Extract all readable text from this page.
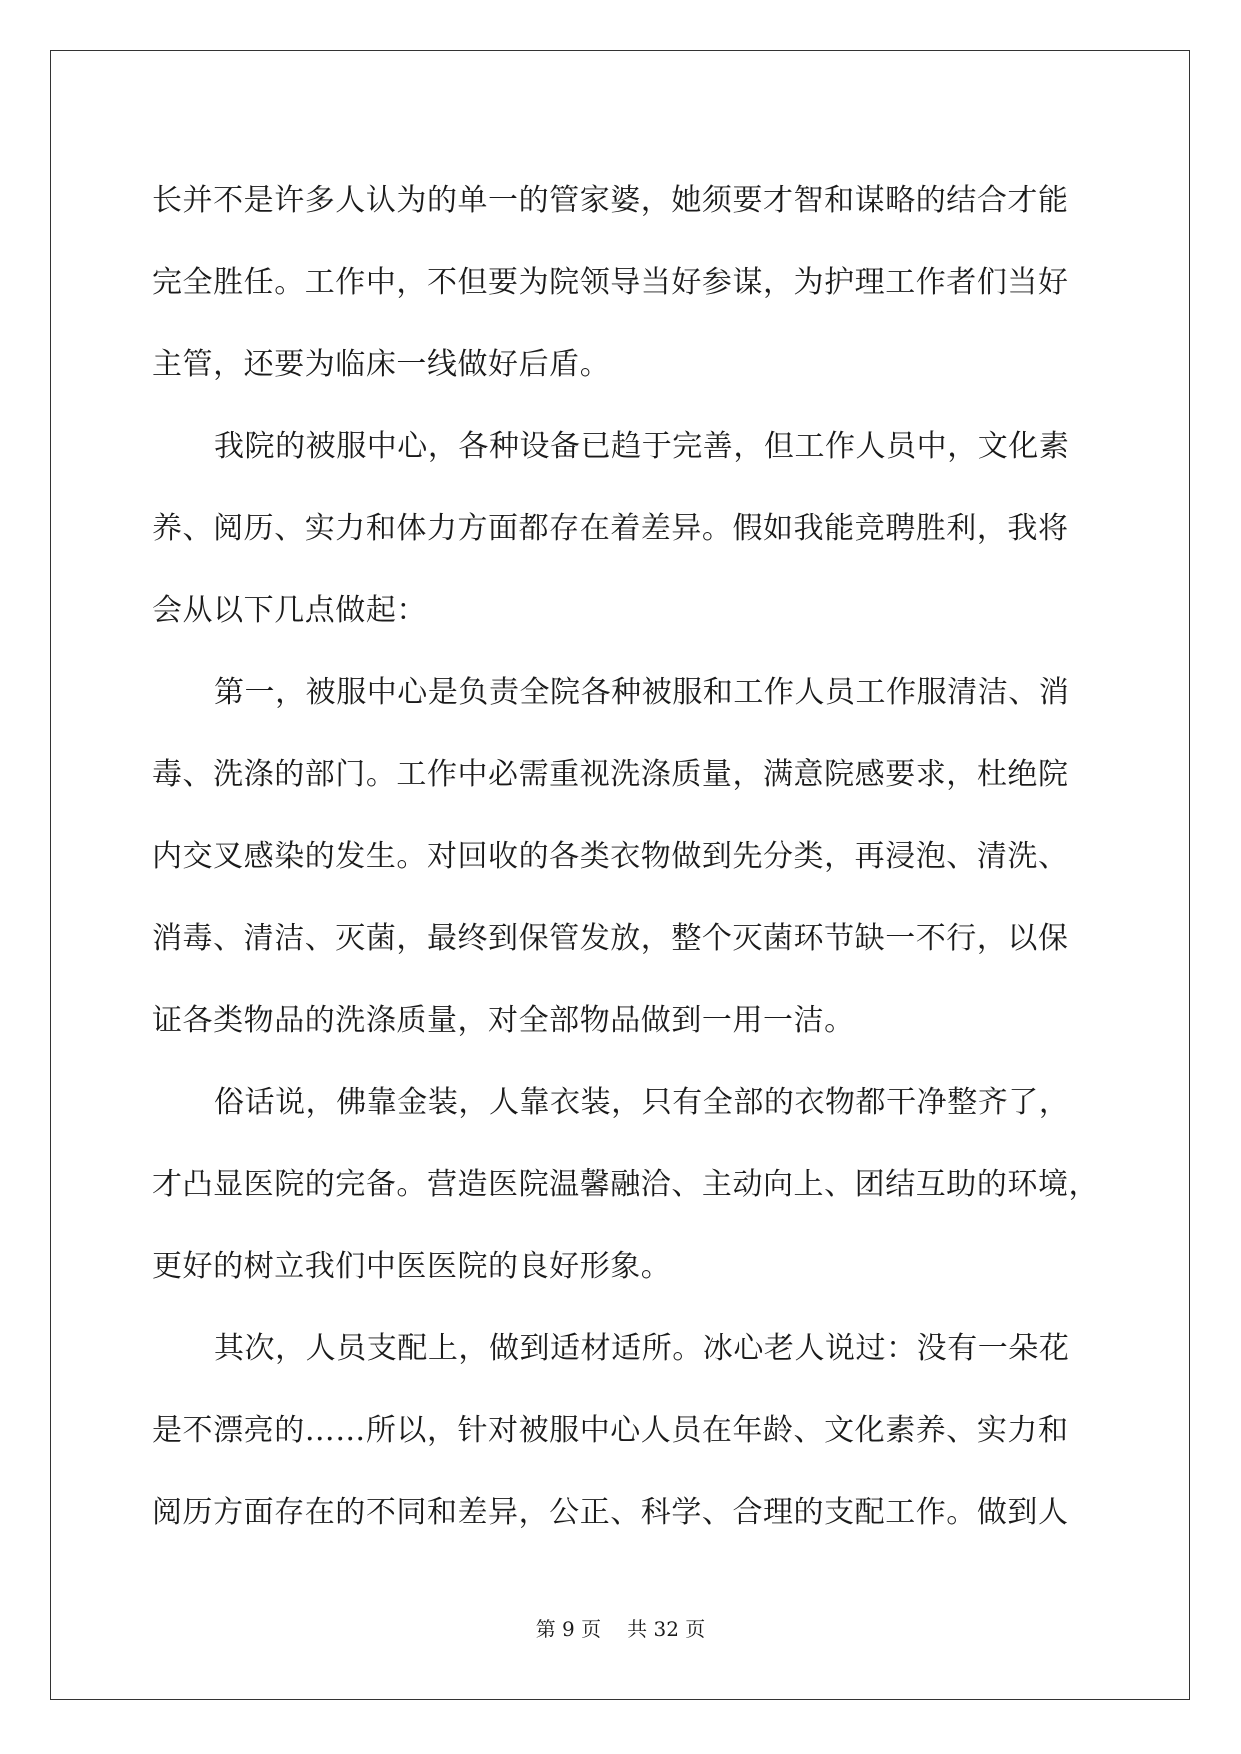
长并不是许多人认为的单一的管家婆，她须要才智和谋略的结合才能
完全胜任。工作中，不但要为院领导当好参谋，为护理工作者们当好
主管，还要为临床一线做好后盾。
我院的被服中心，各种设备已趋于完善，但工作人员中，文化素
养、阅历、实力和体力方面都存在着差异。假如我能竞聘胜利，我将
会从以下几点做起：
第一，被服中心是负责全院各种被服和工作人员工作服清洁、消
毒、洗涤的部门。工作中必需重视洗涤质量，满意院感要求，杜绝院
内交叉感染的发生。对回收的各类衣物做到先分类，再浸泡、清洗、
消毒、清洁、灭菌，最终到保管发放，整个灭菌环节缺一不行，以保
证各类物品的洗涤质量，对全部物品做到一用一洁。
俗话说，佛靠金装，人靠衣装，只有全部的衣物都干净整齐了，
才凸显医院的完备。营造医院温馨融洽、主动向上、团结互助的环境，
更好的树立我们中医医院的良好形象。
其次，人员支配上，做到适材适所。冰心老人说过：没有一朵花
是不漂亮的……所以，针对被服中心人员在年龄、文化素养、实力和
阅历方面存在的不同和差异，公正、科学、合理的支配工作。做到人
第 9 页 共 32 页
